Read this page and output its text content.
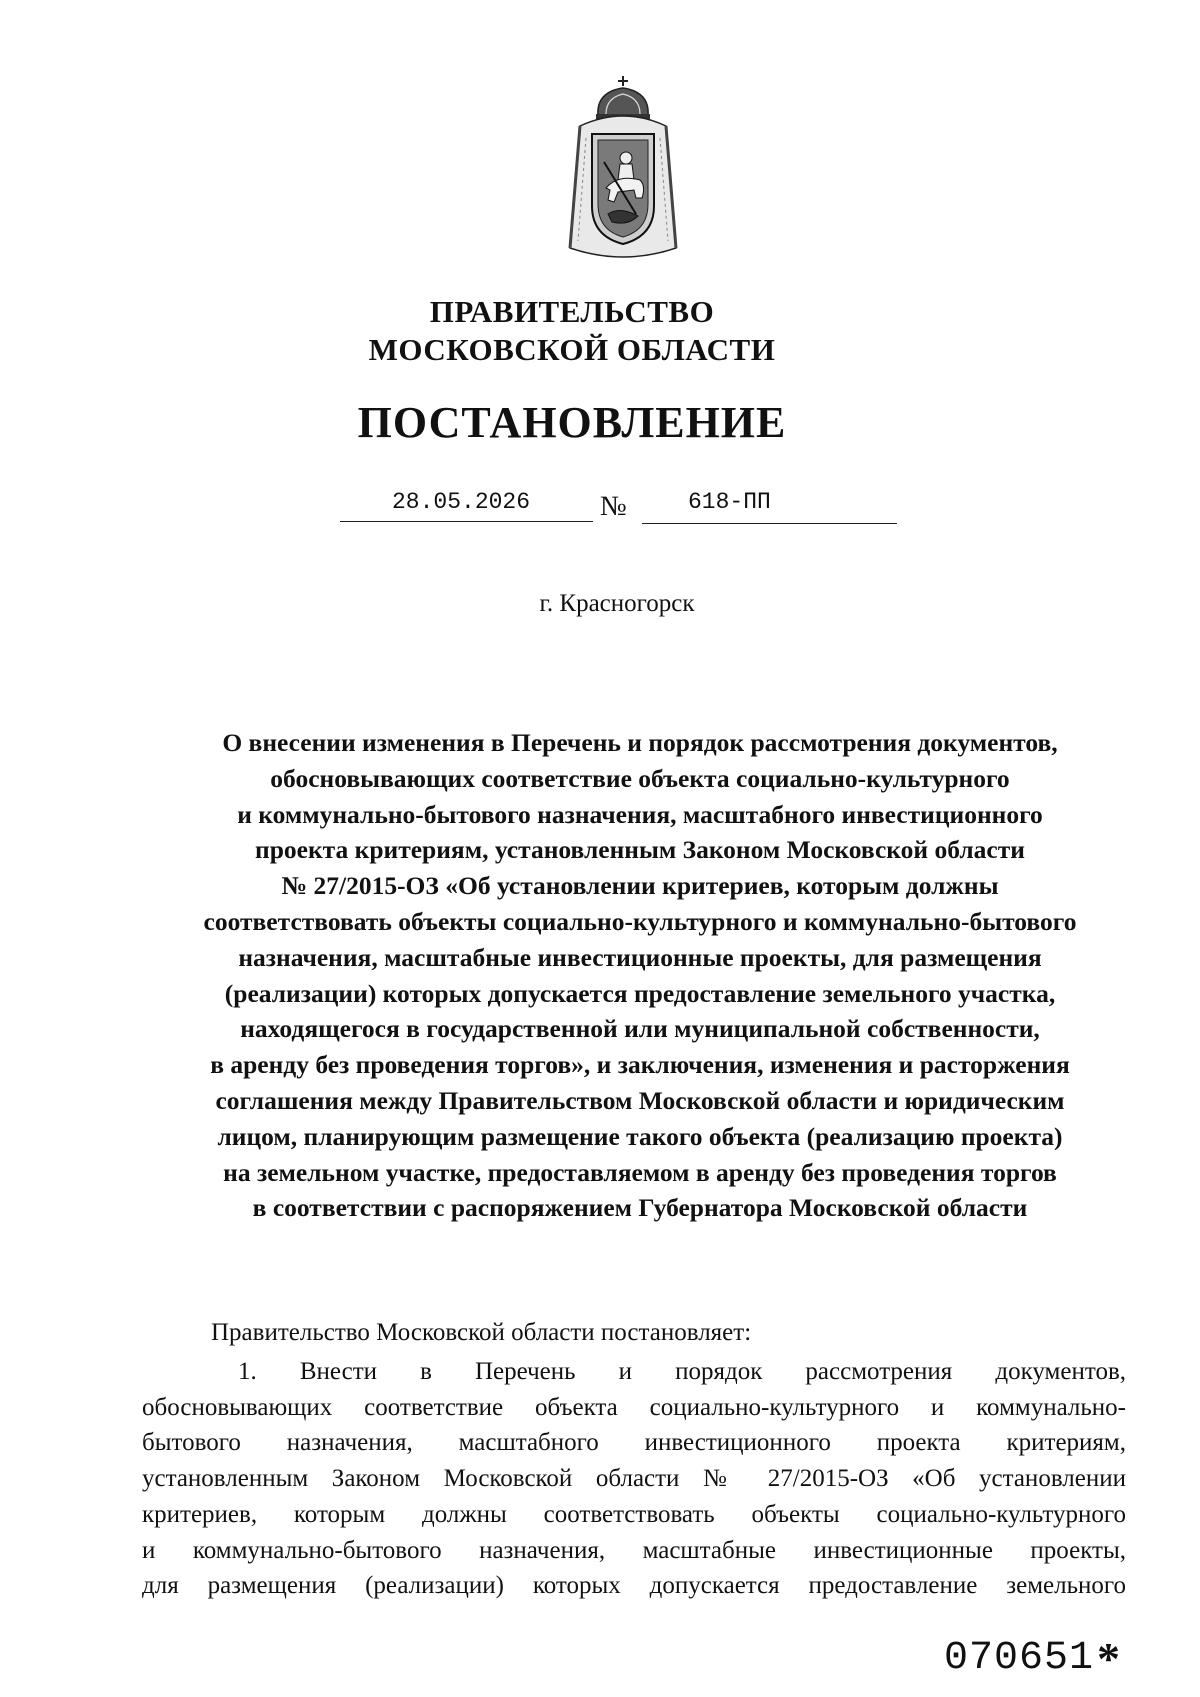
ПРАВИТЕЛЬСТВО
МОСКОВСКОЙ ОБЛАСТИ
ПОСТАНОВЛЕНИЕ
28.05.2026 №	618-ПП
г. Красногорск
О внесении изменения в Перечень и порядок рассмотрения документов,
обосновывающих соответствие объекта социально-культурного
и коммунально-бытового назначения, масштабного инвестиционного
проекта критериям, установленным Законом Московской области
№ 27/2015-ОЗ «Об установлении критериев, которым должны
соответствовать объекты социально-культурного и коммунально-бытового
назначения, масштабные инвестиционные проекты, для размещения
(реализации) которых допускается предоставление земельного участка,
находящегося в государственной или муниципальной собственности,
в аренду без проведения торгов», и заключения, изменения и расторжения
соглашения между Правительством Московской области и юридическим
лицом, планирующим размещение такого объекта (реализацию проекта)
на земельном участке, предоставляемом в аренду без проведения торгов
в соответствии с распоряжением Губернатора Московской области
Правительство Московской области постановляет:
1. Внести в Перечень и порядок рассмотрения документов,
обосновывающих соответствие объекта социально-культурного и коммунально-
бытового назначения, масштабного инвестиционного проекта критериям,
установленным Законом Московской области № 27/2015-ОЗ «Об установлении
критериев, которым должны соответствовать объекты социально-культурного
и коммунально-бытового назначения, масштабные инвестиционные проекты,
для размещения (реализации) которых допускается предоставление земельного
070651 *
